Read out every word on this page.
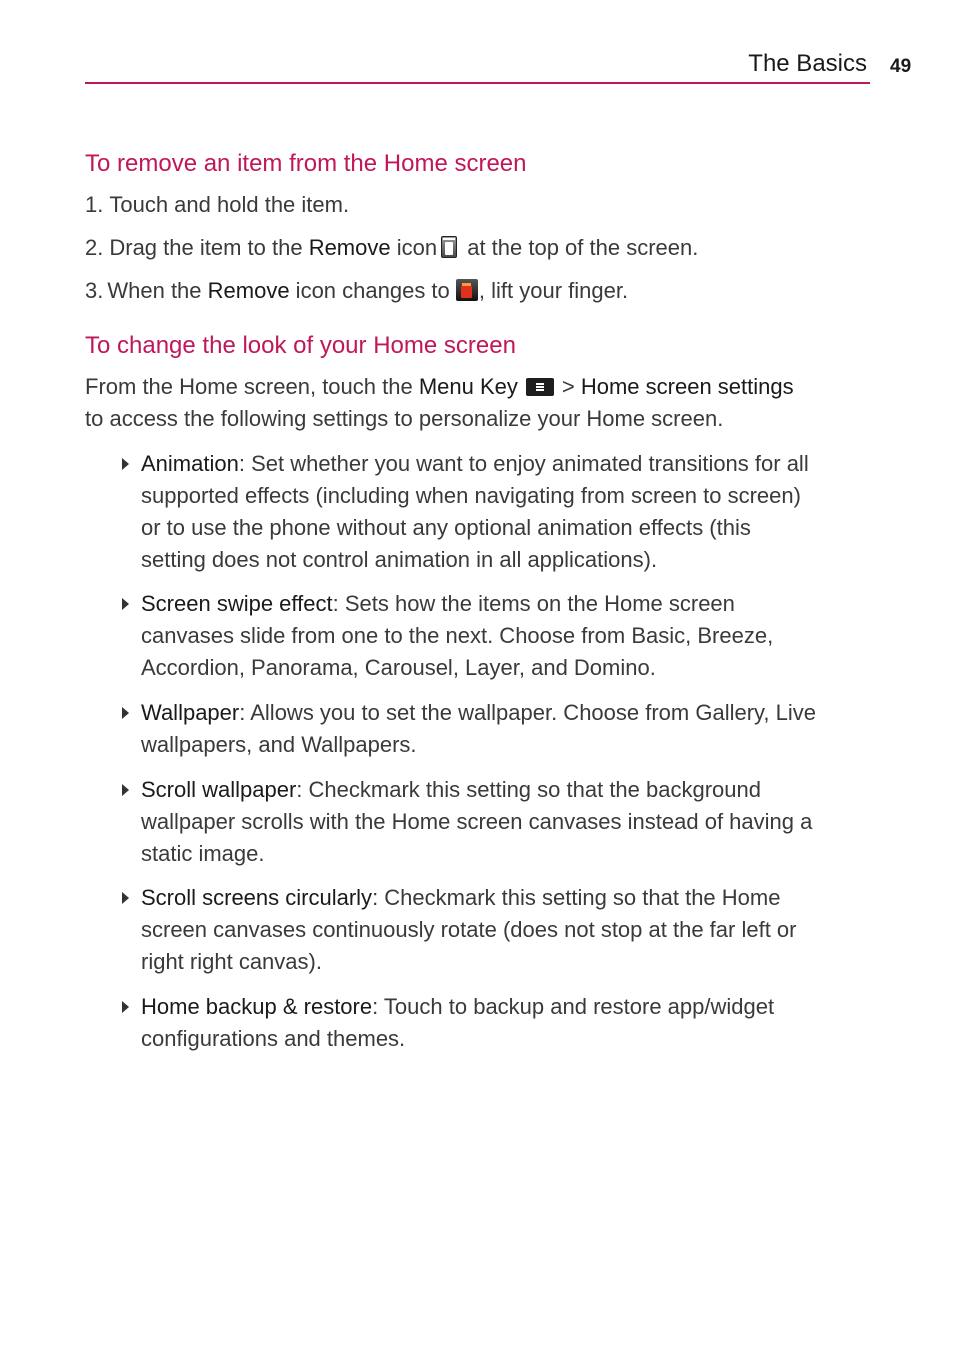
The Basics 49
To remove an item from the Home screen
1. Touch and hold the item.
2. Drag the item to the Remove icon at the top of the screen.
3. When the Remove icon changes to , lift your finger.
To change the look of your Home screen
From the Home screen, touch the Menu Key > Home screen settings
to access the following settings to personalize your Home screen.
Animation: Set whether you want to enjoy animated transitions for all
supported effects (including when navigating from screen to screen)
or to use the phone without any optional animation effects (this
setting does not control animation in all applications).
Screen swipe effect: Sets how the items on the Home screen
canvases slide from one to the next. Choose from Basic, Breeze,
Accordion, Panorama, Carousel, Layer, and Domino.
Wallpaper: Allows you to set the wallpaper. Choose from Gallery, Live
wallpapers, and Wallpapers.
Scroll wallpaper: Checkmark this setting so that the background
wallpaper scrolls with the Home screen canvases instead of having a
static image.
Scroll screens circularly: Checkmark this setting so that the Home
screen canvases continuously rotate (does not stop at the far left or
right right canvas).
Home backup & restore: Touch to backup and restore app/widget
configurations and themes.
